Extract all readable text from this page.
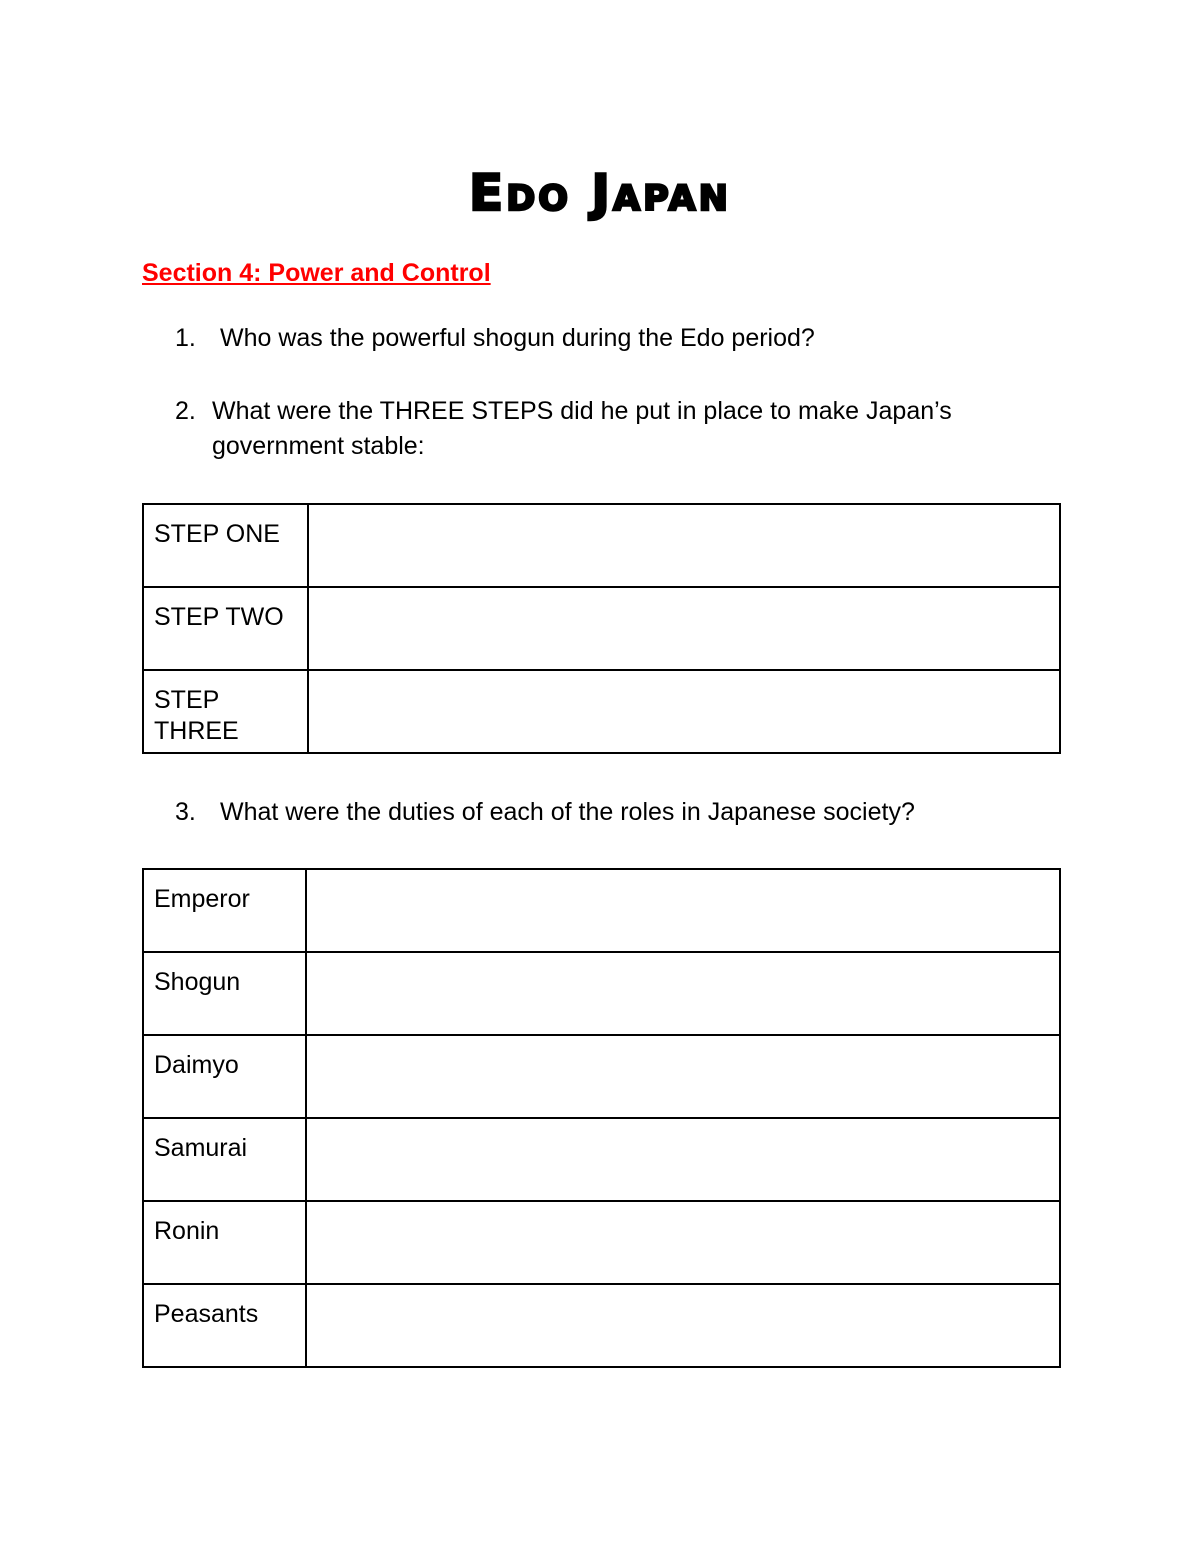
Edo Japan
Section 4: Power and Control
1. Who was the powerful shogun during the Edo period?
2. What were the THREE STEPS did he put in place to make Japan’s government stable:
STEP ONE	
STEP TWO	
STEP THREE	
3. What were the duties of each of the roles in Japanese society?
Emperor	
Shogun	
Daimyo	
Samurai	
Ronin	
Peasants	
